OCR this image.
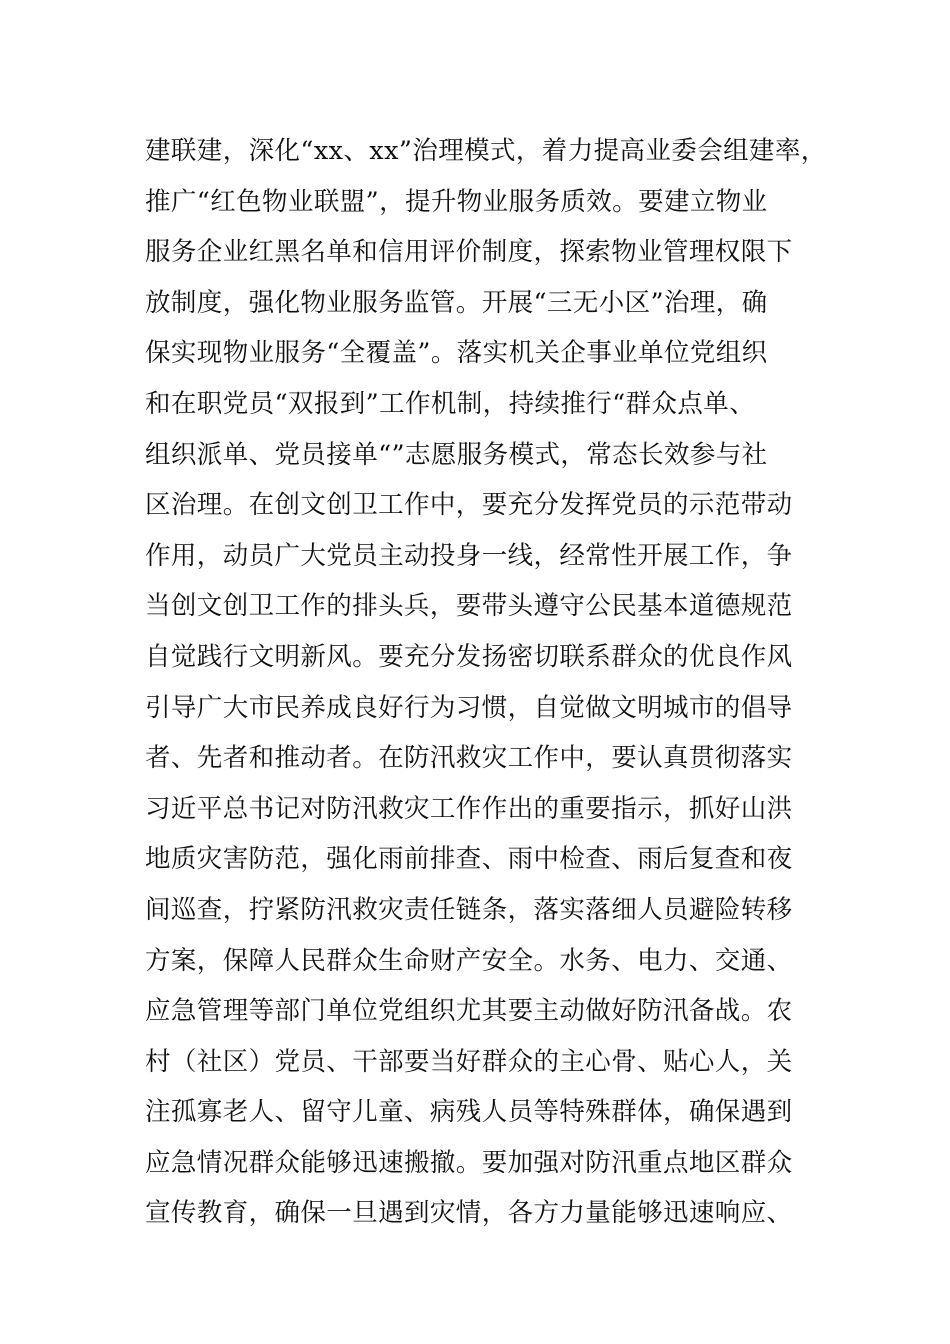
建联建，深化“xx、xx”治理模式，着力提高业委会组建率，
推广“红色物业联盟”，提升物业服务质效。要建立物业
服务企业红黑名单和信用评价制度，探索物业管理权限下
放制度，强化物业服务监管。开展“三无小区”治理，确
保实现物业服务“全覆盖”。落实机关企事业单位党组织
和在职党员“双报到”工作机制，持续推行“群众点单、
组织派单、党员接单“”志愿服务模式，常态长效参与社
区治理。在创文创卫工作中，要充分发挥党员的示范带动
作用，动员广大党员主动投身一线，经常性开展工作，争
当创文创卫工作的排头兵，要带头遵守公民基本道德规范
自觉践行文明新风。要充分发扬密切联系群众的优良作风
引导广大市民养成良好行为习惯，自觉做文明城市的倡导
者、先者和推动者。在防汛救灾工作中，要认真贯彻落实
习近平总书记对防汛救灾工作作出的重要指示，抓好山洪
地质灾害防范，强化雨前排查、雨中检查、雨后复查和夜
间巡查，拧紧防汛救灾责任链条，落实落细人员避险转移
方案，保障人民群众生命财产安全。水务、电力、交通、
应急管理等部门单位党组织尤其要主动做好防汛备战。农
村（社区）党员、干部要当好群众的主心骨、贴心人，关
注孤寡老人、留守儿童、病残人员等特殊群体，确保遇到
应急情况群众能够迅速搬撤。要加强对防汛重点地区群众
宣传教育，确保一旦遇到灾情，各方力量能够迅速响应、
